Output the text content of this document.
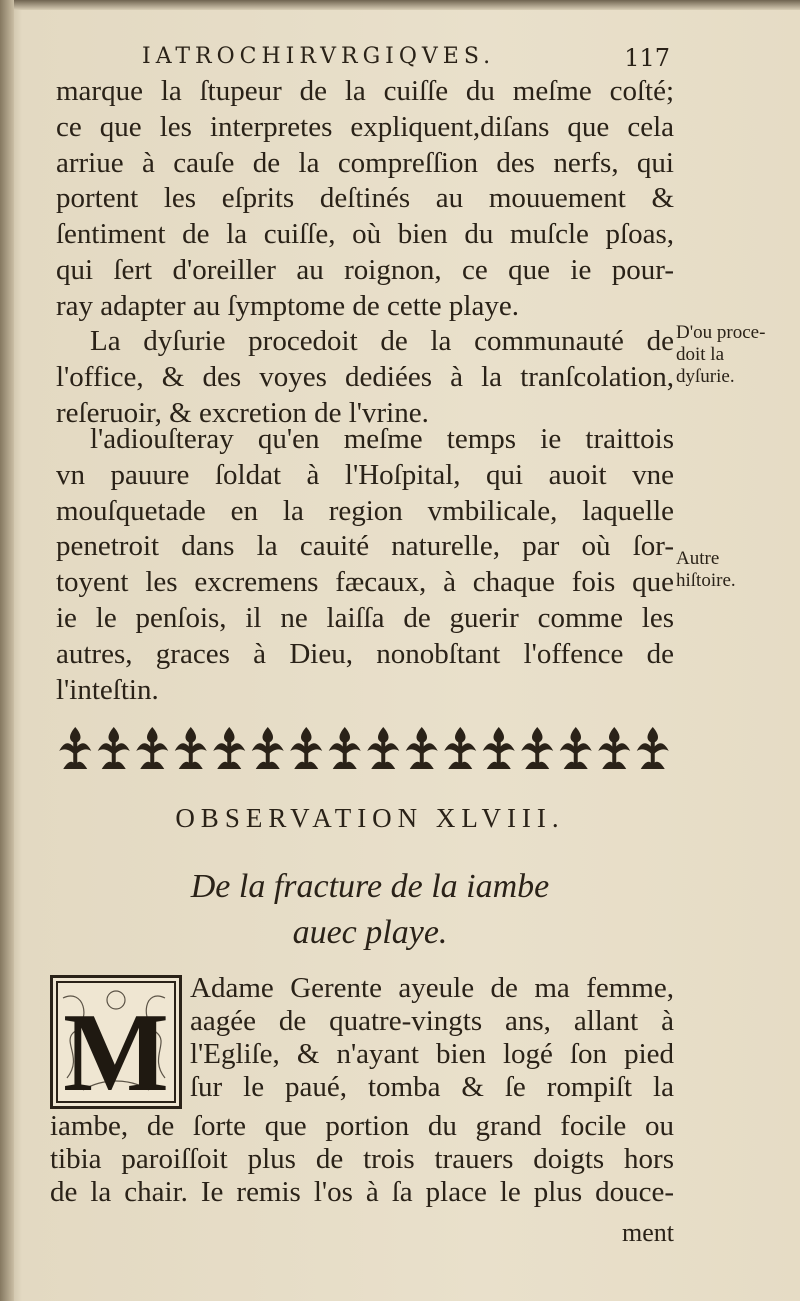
IATROCHIRVRGIQVES.	117
marque la ſtupeur de la cuiſſe du meſme coſté;
ce que les interpretes expliquent,diſans que cela
arriue à cauſe de la compreſſion des nerfs, qui
portent les eſprits deſtinés au mouuement &
ſentiment de la cuiſſe, où bien du muſcle pſoas,
qui ſert d'oreiller au roignon, ce que ie pour-
ray adapter au ſymptome de cette playe.
La dyſurie procedoit de la communauté de
l'office, & des voyes dediées à la tranſcolation,
reſeruoir, & excretion de l'vrine.
l'adiouſteray qu'en meſme temps ie traittois
vn pauure ſoldat à l'Hoſpital, qui auoit vne
mouſquetade en la region vmbilicale, laquelle
penetroit dans la cauité naturelle, par où ſor-
toyent les excremens fæcaux, à chaque fois que
ie le penſois, il ne laiſſa de guerir comme les
autres, graces à Dieu, nonobſtant l'offence de
l'inteſtin.
D'ou proce- doit la dyſurie.
Autre hiſtoire.
OBSERVATION XLVIII.
De la fracture de la iambe
auec playe.
M
Adame Gerente ayeule de ma femme,
aagée de quatre-vingts ans, allant à
l'Egliſe, & n'ayant bien logé ſon pied
ſur le paué, tomba & ſe rompiſt la
iambe, de ſorte que portion du grand focile ou
tibia paroiſſoit plus de trois trauers doigts hors
de la chair. Ie remis l'os à ſa place le plus douce-
ment
